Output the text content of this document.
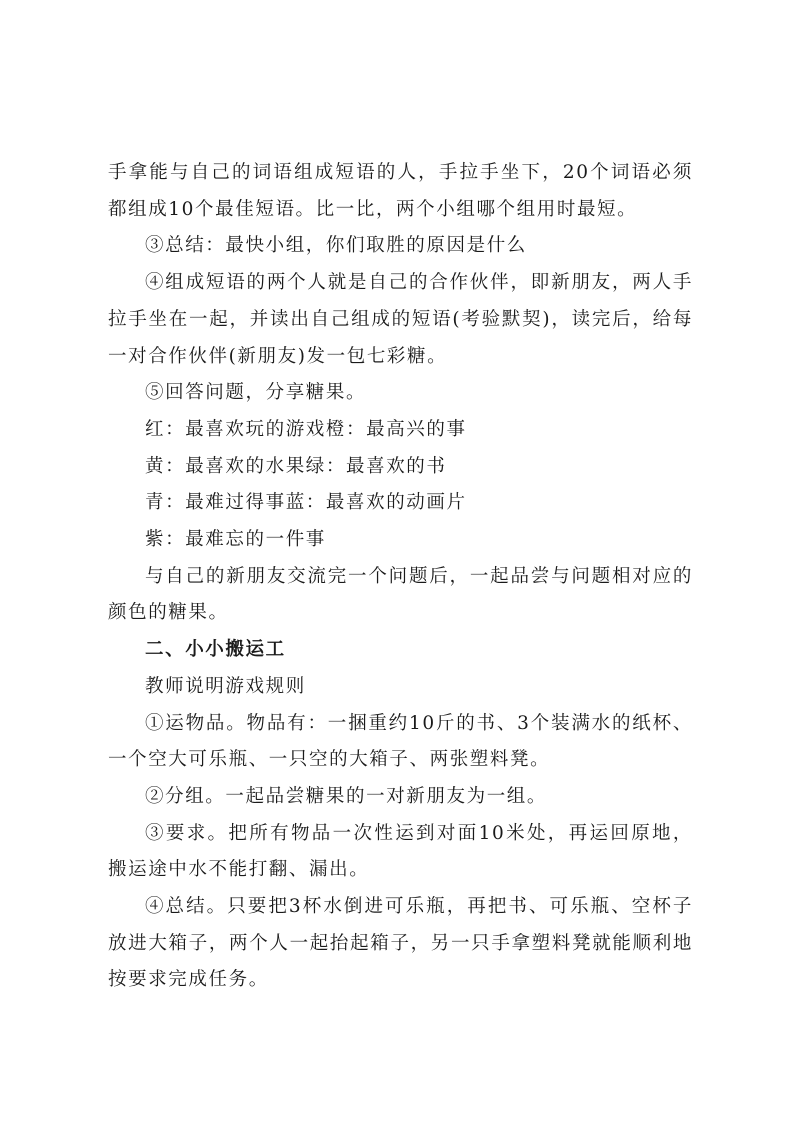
手拿能与自己的词语组成短语的人，手拉手坐下，20个词语必须都组成10个最佳短语。比一比，两个小组哪个组用时最短。

③总结：最快小组，你们取胜的原因是什么

④组成短语的两个人就是自己的合作伙伴，即新朋友，两人手拉手坐在一起，并读出自己组成的短语(考验默契)，读完后，给每一对合作伙伴(新朋友)发一包七彩糖。

⑤回答问题，分享糖果。

红：最喜欢玩的游戏橙：最高兴的事

黄：最喜欢的水果绿：最喜欢的书

青：最难过得事蓝：最喜欢的动画片

紫：最难忘的一件事

与自己的新朋友交流完一个问题后，一起品尝与问题相对应的颜色的糖果。

二、小小搬运工

教师说明游戏规则

①运物品。物品有：一捆重约10斤的书、3个装满水的纸杯、一个空大可乐瓶、一只空的大箱子、两张塑料凳。

②分组。一起品尝糖果的一对新朋友为一组。

③要求。把所有物品一次性运到对面10米处，再运回原地，搬运途中水不能打翻、漏出。

④总结。只要把3杯水倒进可乐瓶，再把书、可乐瓶、空杯子放进大箱子，两个人一起抬起箱子，另一只手拿塑料凳就能顺利地按要求完成任务。
